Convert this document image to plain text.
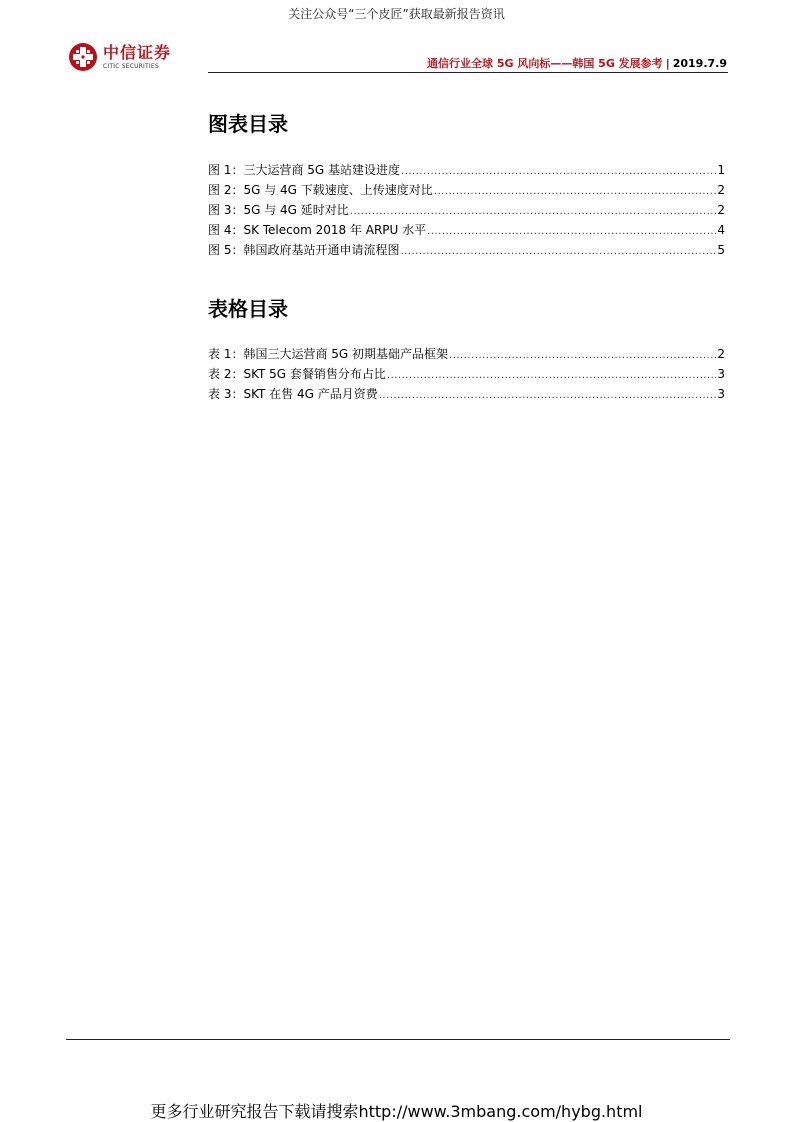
关注公众号“三个皮匠”获取最新报告资讯
中信证券
CITIC SECURITIES	通信行业全球 5G 风向标——韩国 5G 发展参考 | 2019.7.9
图表目录
图 1：三大运营商 5G 基站建设进度 .....	1
图 2：5G 与 4G 下载速度、上传速度对比 .....	2
图 3：5G 与 4G 延时对比 .....	2
图 4：SK Telecom 2018 年 ARPU 水平 .....	4
图 5：韩国政府基站开通申请流程图 .....	5
表格目录
表 1：韩国三大运营商 5G 初期基础产品框架 .....	2
表 2：SKT 5G 套餐销售分布占比 .....	3
表 3：SKT 在售 4G 产品月资费 .....	3
更多行业研究报告下载请搜索http://www.3mbang.com/hybg.html
